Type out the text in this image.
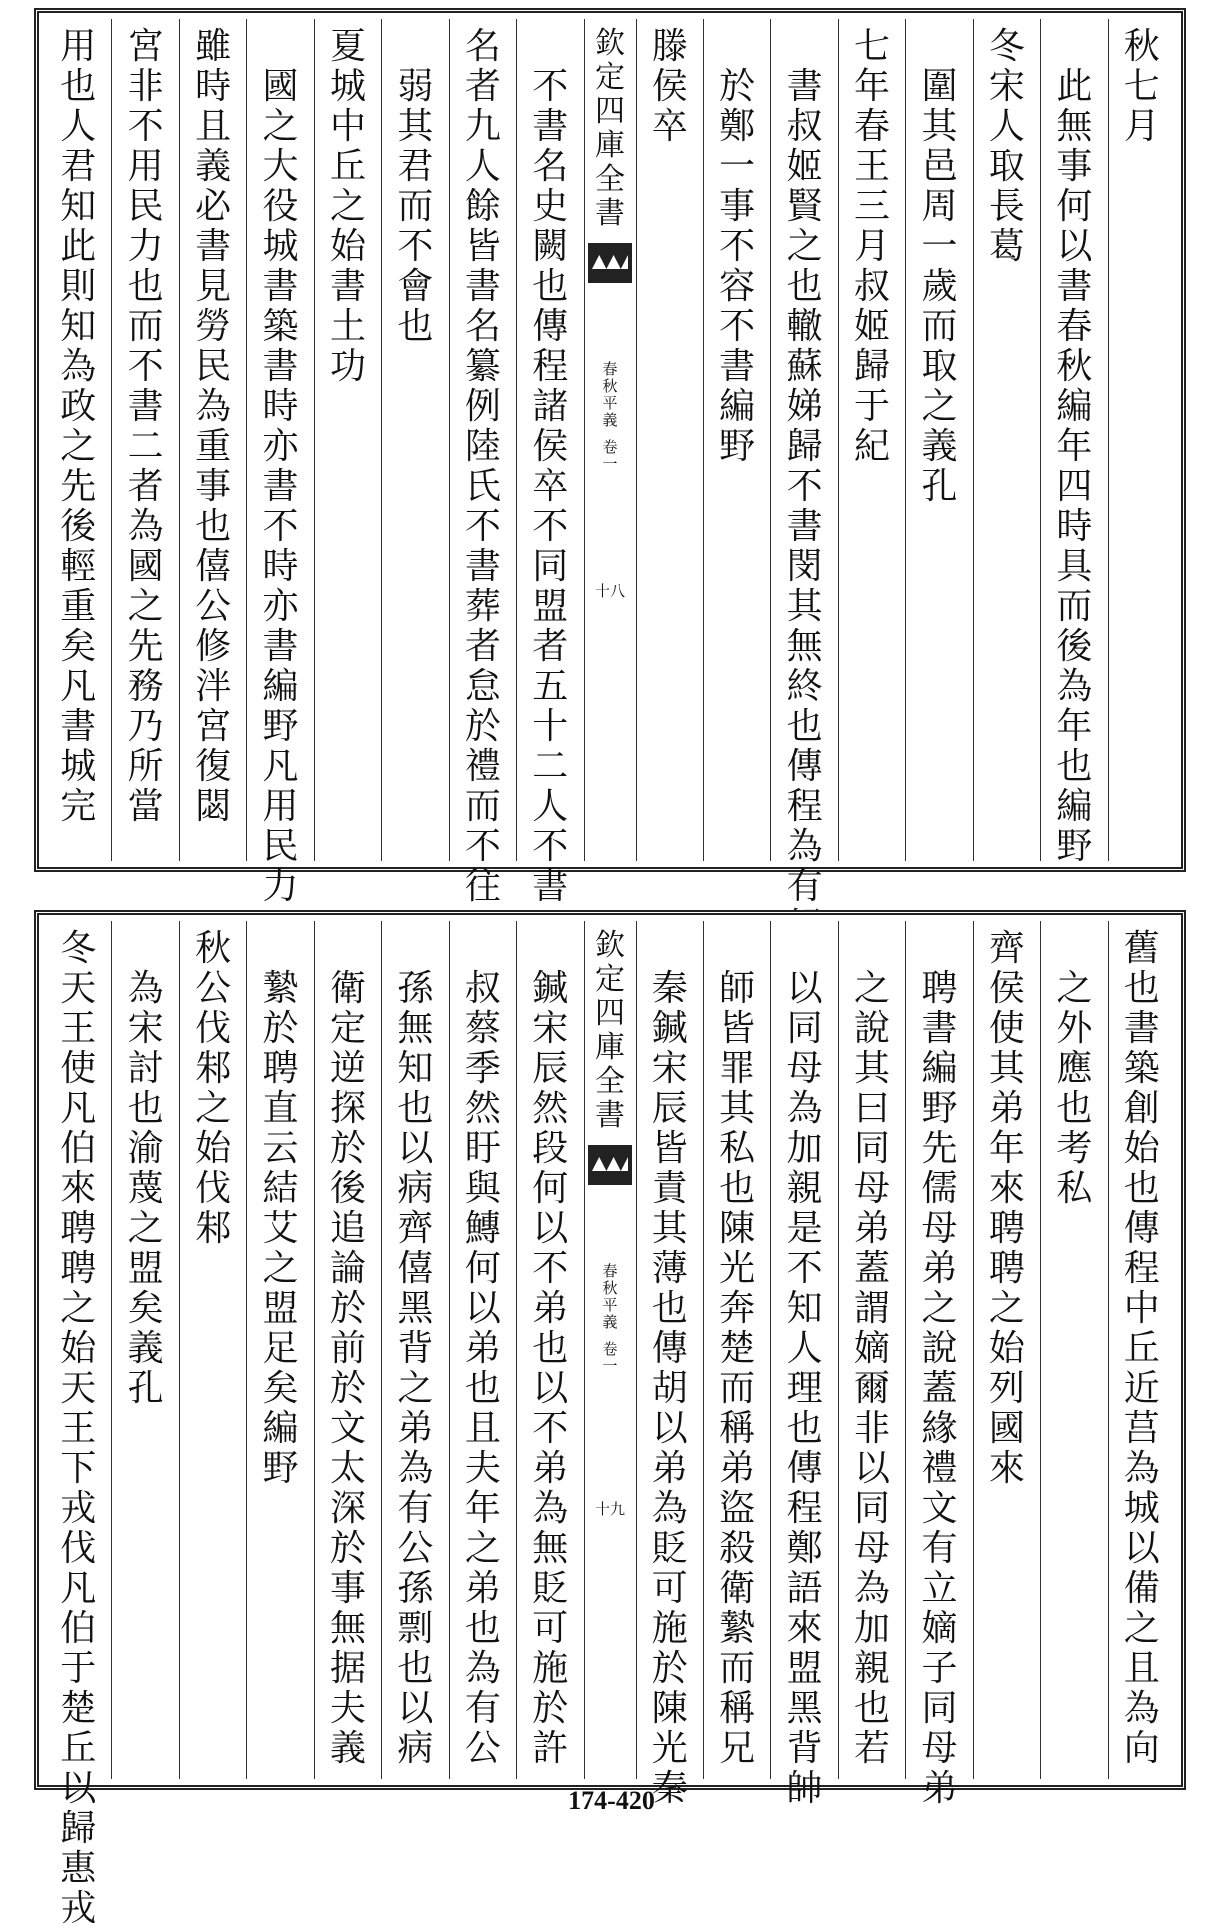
秋
七
月
此
無
事
何
以
書
春
秋
編
年
四
時
具
而
後
為
年
也
編
野
冬
宋
人
取
長
葛
圍
其
邑
周
一
歲
而
取
之
義
孔
七
年
春
王
三
月
叔
姬
歸
于
紀
書
叔
姬
賢
之
也
轍
蘇
娣
歸
不
書
閔
其
無
終
也
傳
程
為
有
於
鄭
一
事
不
容
不
書
編
野
滕
侯
卒
欽
定
四
庫
全
書
春
秋
平
義
卷
一
十八
不
書
名
史
闕
也
傳
程
諸
侯
卒
不
同
盟
者
五
十
二
人
不
書
名
者
九
人
餘
皆
書
名
纂
例
陸
氏
不
書
葬
者
怠
於
禮
而
不
往
弱
其
君
而
不
會
也
夏
城
中
丘
之
始
書
土
功
國
之
大
役
城
書
築
書
時
亦
書
不
時
亦
書
編
野
凡
用
民
力
雖
時
且
義
必
書
見
勞
民
為
重
事
也
僖
公
修
泮
宮
復
閟
宮
非
不
用
民
力
也
而
不
書
二
者
為
國
之
先
務
乃
所
當
用
也
人
君
知
此
則
知
為
政
之
先
後
輕
重
矣
凡
書
城
完
舊
也
書
築
創
始
也
傳
程
中
丘
近
莒
為
城
以
備
之
且
為
向
之
外
應
也
考
私
齊
侯
使
其
弟
年
來
聘
聘
之
始
列
國
來
聘
書
編
野
先
儒
母
弟
之
說
蓋
緣
禮
文
有
立
嫡
子
同
母
弟
之
說
其
曰
同
母
弟
蓋
謂
嫡
爾
非
以
同
母
為
加
親
也
若
以
同
母
為
加
親
是
不
知
人
理
也
傳
程
鄭
語
來
盟
黑
背
帥
師
皆
罪
其
私
也
陳
光
奔
楚
而
稱
弟
盜
殺
衛
縶
而
稱
兄
秦
鍼
宋
辰
皆
責
其
薄
也
傳
胡
以
弟
為
貶
可
施
於
陳
光
秦
欽
定
四
庫
全
書
春
秋
平
義
卷
一
十九
鍼
宋
辰
然
段
何
以
不
弟
也
以
不
弟
為
無
貶
可
施
於
許
叔
蔡
季
然
盱
與
鱄
何
以
弟
也
且
夫
年
之
弟
也
為
有
公
孫
無
知
也
以
病
齊
僖
黑
背
之
弟
為
有
公
孫
剽
也
以
病
衛
定
逆
探
於
後
追
論
於
前
於
文
太
深
於
事
無
据
夫
義
縶
於
聘
直
云
結
艾
之
盟
足
矣
編
野
秋
公
伐
邾
之
始
伐
邾
為
宋
討
也
渝
蔑
之
盟
矣
義
孔
冬
天
王
使
凡
伯
來
聘
聘
之
始
天
王
下
戎
伐
凡
伯
于
楚
丘
以
歸
惠
戎
174-420
